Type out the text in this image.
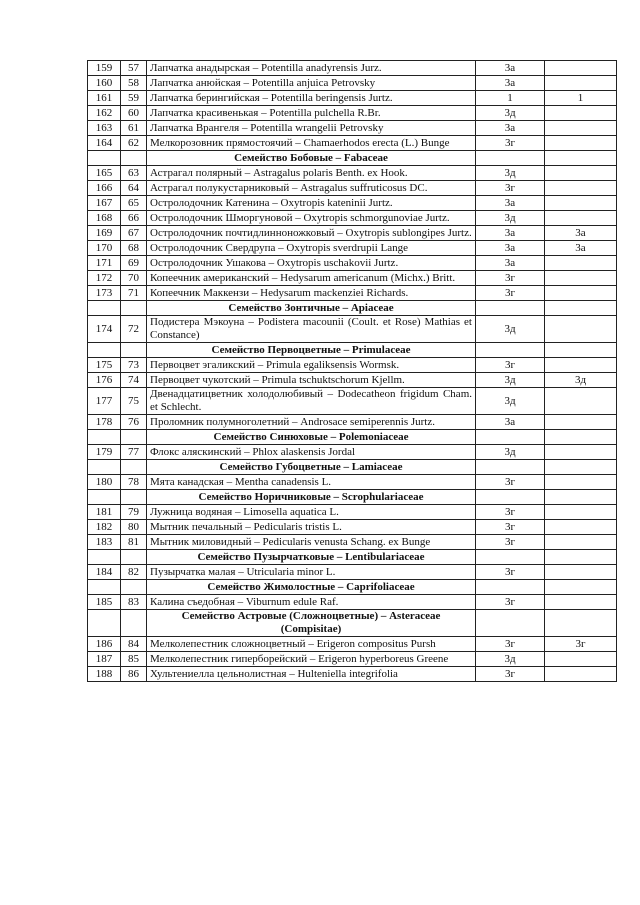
159	57	Лапчатка анадырская – Potentilla anadyrensis Jurz.	3а	
160	58	Лапчатка анюйская – Potentilla anjuica Petrovsky	3а	
161	59	Лапчатка берингийская – Potentilla beringensis Jurtz.	1	1
162	60	Лапчатка красивенькая – Potentilla pulchella R.Br.	3д	
163	61	Лапчатка Врангеля – Potentilla wrangelii Petrovsky	3а	
164	62	Мелкорозовник прямостоячий – Chamaerhodos erecta (L.) Bunge	3г	
		Семейство Бобовые – Fabaceae		
165	63	Астрагал полярный – Astragalus polaris Benth. ex Hook.	3д	
166	64	Астрагал полукустарниковый – Astragalus suffruticosus DC.	3г	
167	65	Остролодочник Катенина – Oxytropis kateninii Jurtz.	3а	
168	66	Остролодочник Шморгуновой – Oxytropis schmorgunoviae Jurtz.	3д	
169	67	Остролодочник почтидлинноножковый – Oxytropis sublongipes Jurtz.	3а	3а
170	68	Остролодочник Свердрупа – Oxytropis sverdrupii Lange	3а	3а
171	69	Остролодочник Ушакова – Oxytropis uschakovii Jurtz.	3а	
172	70	Копеечник американский – Hedysarum americanum (Michx.) Britt.	3г	
173	71	Копеечник Маккензи – Hedysarum mackenziei Richards.	3г	
		Семейство Зонтичные – Apiaceae		
174	72	Подистера Мэкоуна – Podistera macounii (Coult. et Rose) Mathias et Constance)	3д	
		Семейство Первоцветные – Primulaceae		
175	73	Первоцвет эгаликский – Primula egaliksensis Wormsk.	3г	
176	74	Первоцвет чукотский – Primula tschuktschorum Kjellm.	3д	3д
177	75	Двенадцатицветник холодолюбивый – Dodecatheon frigidum Cham. et Schlecht.	3д	
178	76	Проломник полумноголетний – Androsace semiperennis Jurtz.	3а	
		Семейство Синюховые – Polemoniaceae		
179	77	Флокс аляскинский – Phlox alaskensis Jordal	3д	
		Семейство Губоцветные – Lamiaceae		
180	78	Мята канадская – Mentha canadensis L.	3г	
		Семейство Норичниковые – Scrophulariaceae		
181	79	Лужница водяная – Limosella aquatica L.	3г	
182	80	Мытник печальный – Pedicularis tristis L.	3г	
183	81	Мытник миловидный – Pedicularis venusta Schang. ex Bunge	3г	
		Семейство Пузырчатковые – Lentibulariaceae		
184	82	Пузырчатка малая – Utricularia minor L.	3г	
		Семейство Жимолостные – Caprifoliaceae		
185	83	Калина съедобная – Viburnum edule Raf.	3г	
		Семейство Астровые (Сложноцветные) – Asteraceae (Compisitae)		
186	84	Мелколепестник сложноцветный – Erigeron compositus Pursh	3г	3г
187	85	Мелколепестник гиперборейский – Erigeron hyperboreus Greene	3д	
188	86	Хультениелла цельнолистная – Hulteniella integrifolia	3г	
